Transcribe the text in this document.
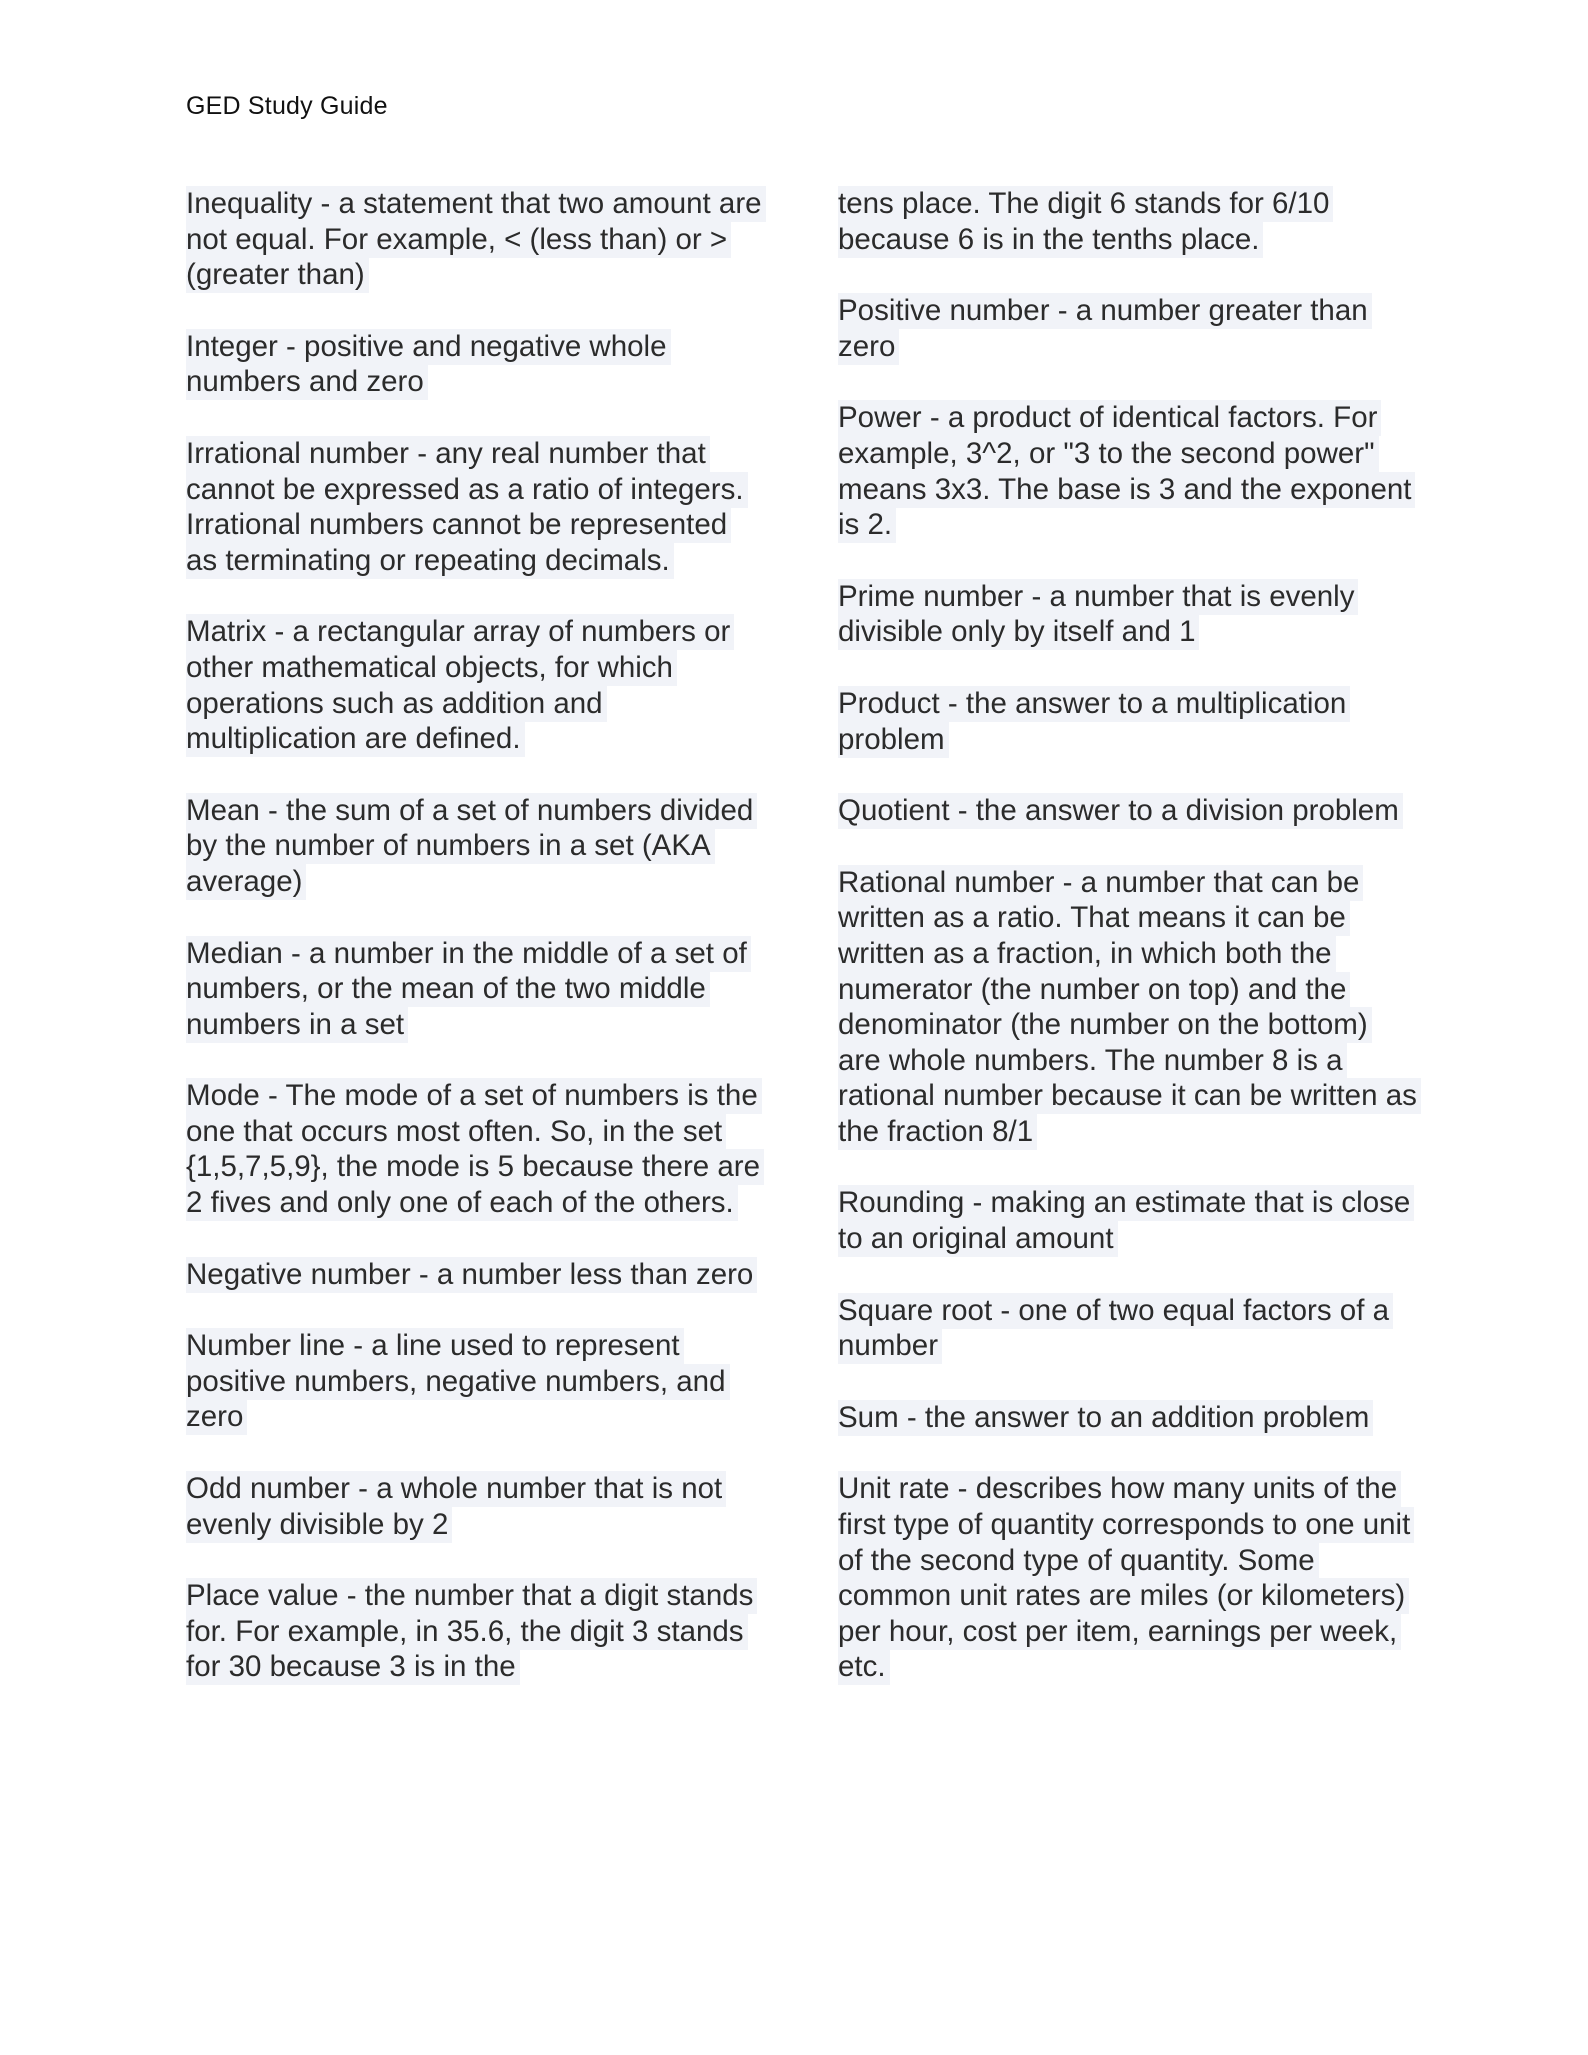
GED Study Guide

Inequality - a statement that two amount are not equal. For example, < (less than) or > (greater than)

Integer - positive and negative whole numbers and zero

Irrational number - any real number that cannot be expressed as a ratio of integers. Irrational numbers cannot be represented as terminating or repeating decimals.

Matrix - a rectangular array of numbers or other mathematical objects, for which operations such as addition and multiplication are defined.

Mean - the sum of a set of numbers divided by the number of numbers in a set (AKA average)

Median - a number in the middle of a set of numbers, or the mean of the two middle numbers in a set

Mode - The mode of a set of numbers is the one that occurs most often. So, in the set {1,5,7,5,9}, the mode is 5 because there are 2 fives and only one of each of the others.

Negative number - a number less than zero

Number line - a line used to represent positive numbers, negative numbers, and zero

Odd number - a whole number that is not evenly divisible by 2

Place value - the number that a digit stands for. For example, in 35.6, the digit 3 stands for 30 because 3 is in the

tens place. The digit 6 stands for 6/10 because 6 is in the tenths place.

Positive number - a number greater than zero

Power - a product of identical factors. For example, 3^2, or "3 to the second power" means 3x3. The base is 3 and the exponent is 2.

Prime number - a number that is evenly divisible only by itself and 1

Product - the answer to a multiplication problem

Quotient - the answer to a division problem

Rational number - a number that can be written as a ratio. That means it can be written as a fraction, in which both the numerator (the number on top) and the denominator (the number on the bottom) are whole numbers. The number 8 is a rational number because it can be written as the fraction 8/1

Rounding - making an estimate that is close to an original amount

Square root - one of two equal factors of a number

Sum - the answer to an addition problem

Unit rate - describes how many units of the first type of quantity corresponds to one unit of the second type of quantity. Some common unit rates are miles (or kilometers) per hour, cost per item, earnings per week, etc.
